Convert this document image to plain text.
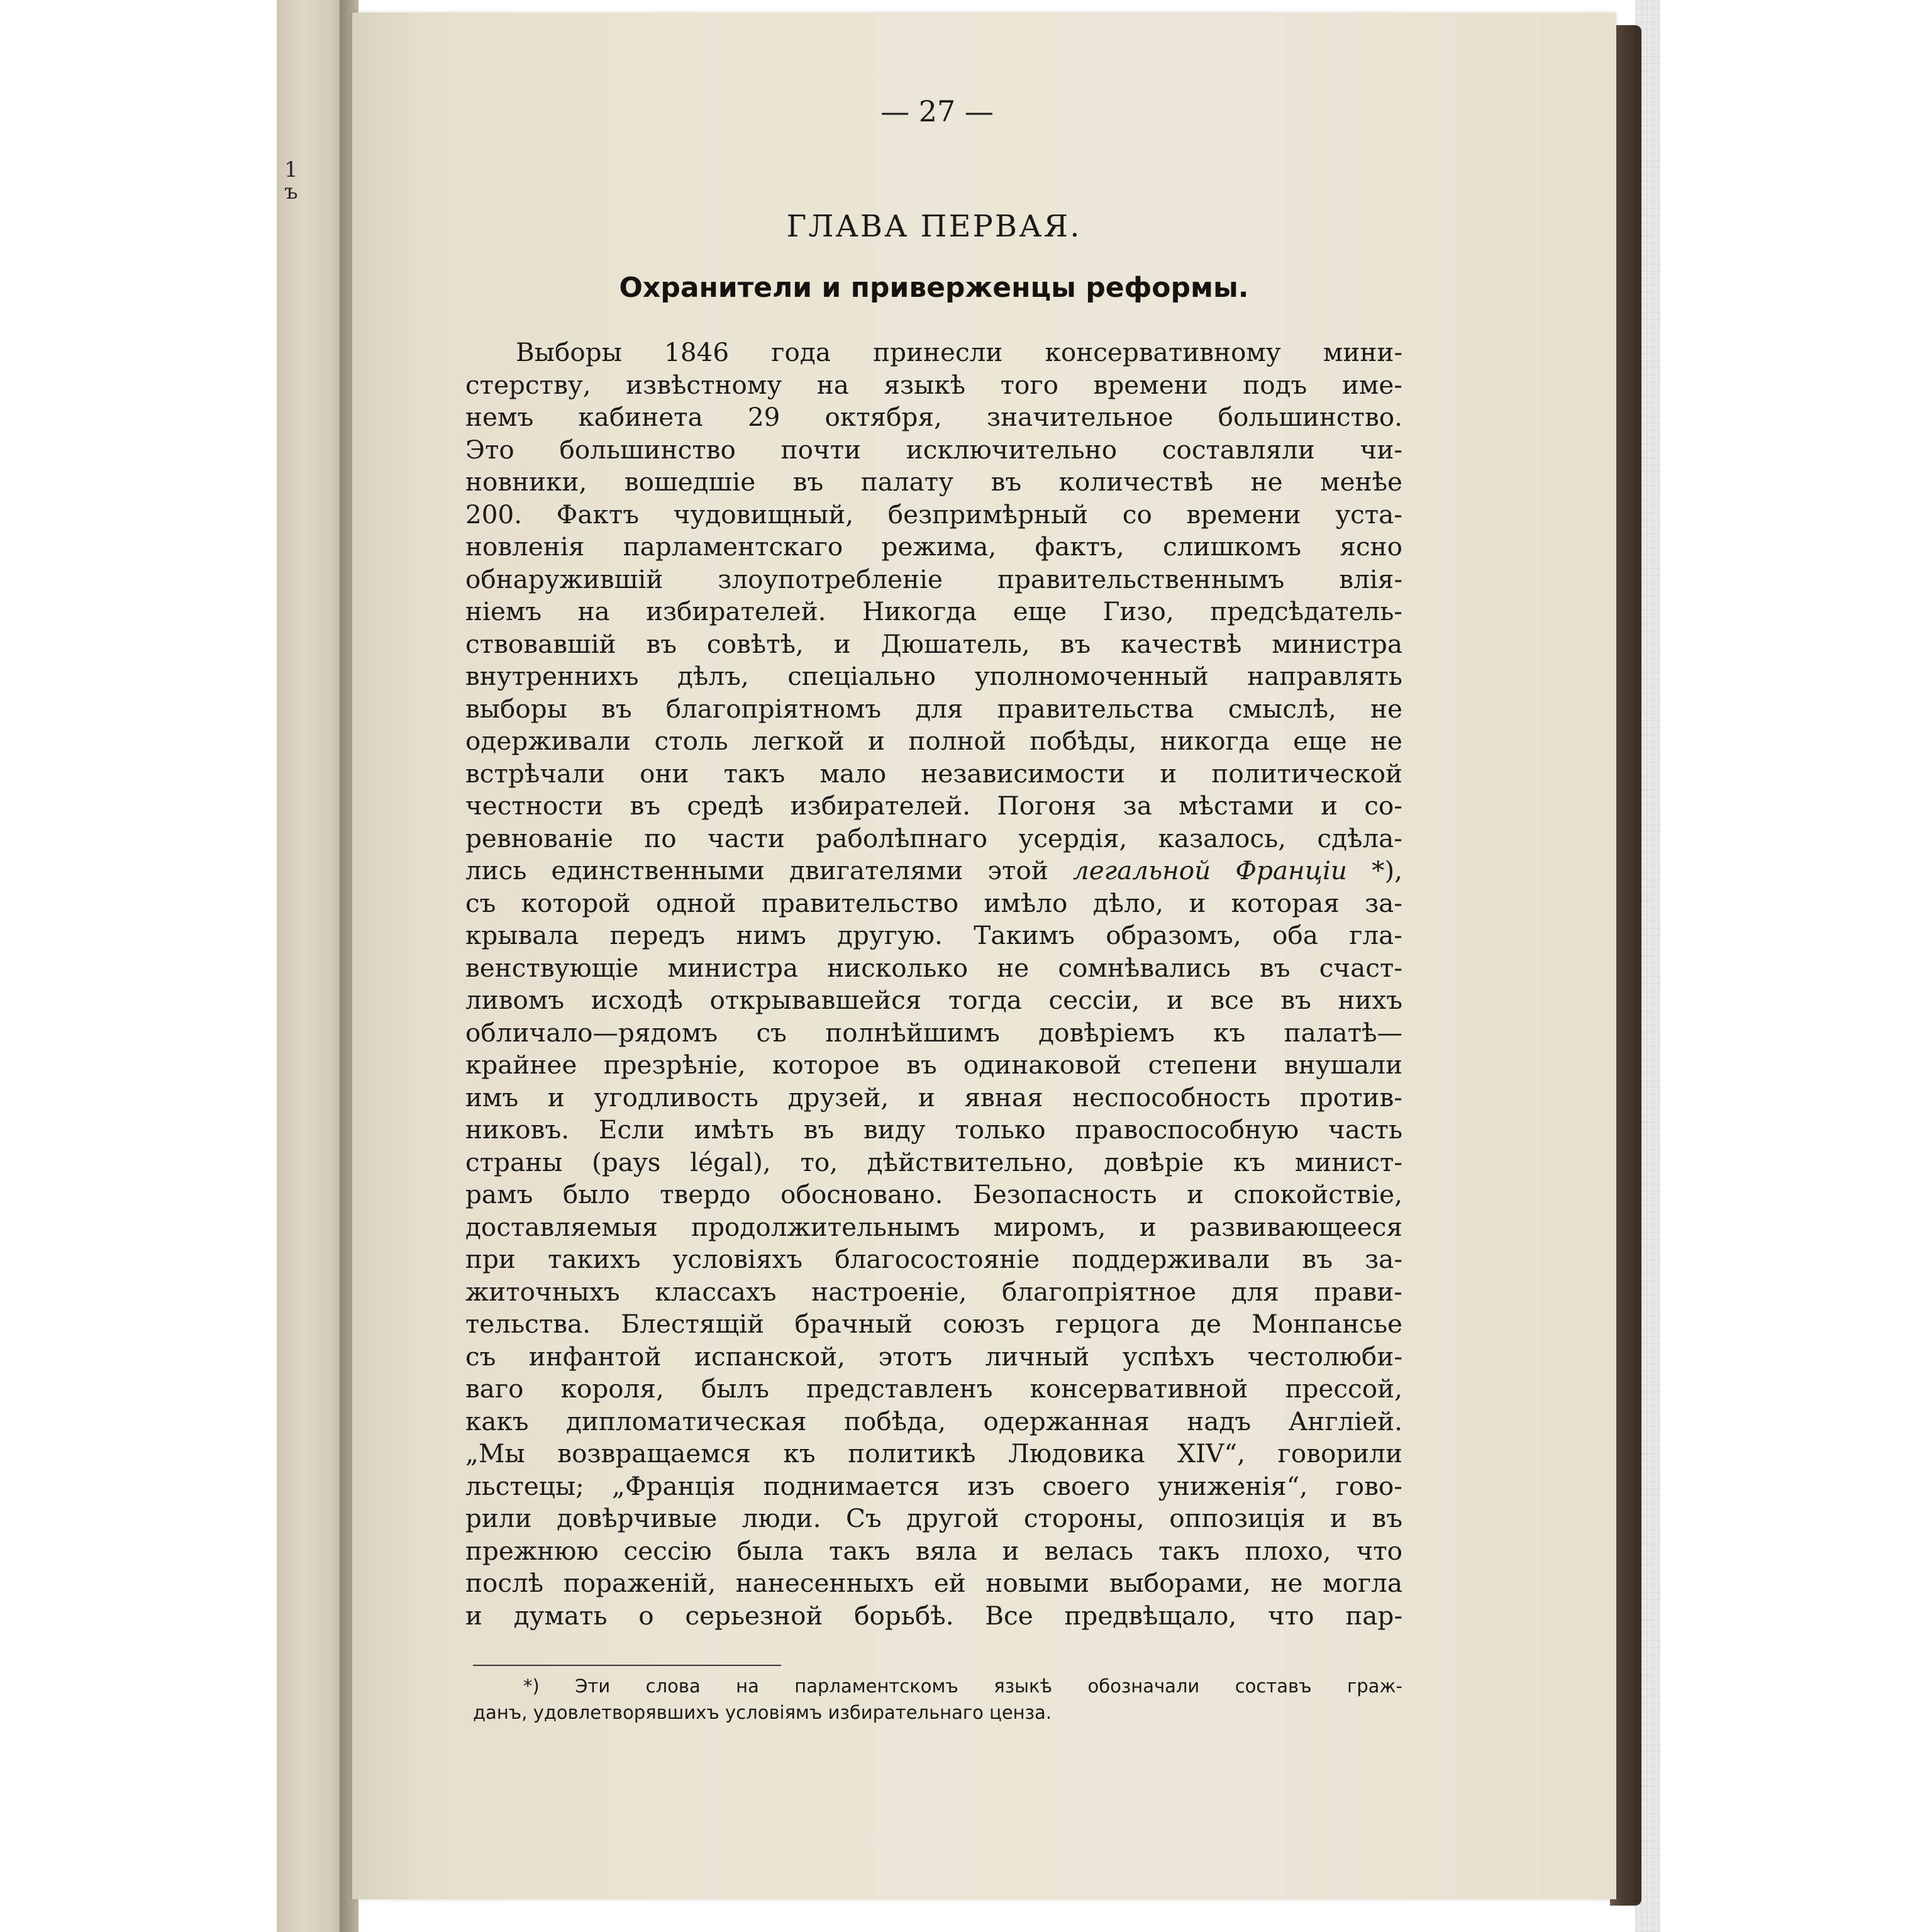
1
ъ
— 27 —
ГЛАВА ПЕРВАЯ.
Охранители и приверженцы реформы.
Выборы 1846 года принесли консервативному мини-
стерству, извѣстному на языкѣ того времени подъ име-
немъ кабинета 29 октября, значительное большинство.
Это большинство почти исключительно составляли чи-
новники, вошедшіе въ палату въ количествѣ не менѣе
200. Фактъ чудовищный, безпримѣрный со времени уста-
новленія парламентскаго режима, фактъ, слишкомъ ясно
обнаружившій злоупотребленіе правительственнымъ влія-
ніемъ на избирателей. Никогда еще Гизо, предсѣдатель-
ствовавшій въ совѣтѣ, и Дюшатель, въ качествѣ министра
внутреннихъ дѣлъ, спеціально уполномоченный направлять
выборы въ благопріятномъ для правительства смыслѣ, не
одерживали столь легкой и полной побѣды, никогда еще не
встрѣчали они такъ мало независимости и политической
честности въ средѣ избирателей. Погоня за мѣстами и со-
ревнованіе по части раболѣпнаго усердія, казалось, сдѣла-
лись единственными двигателями этой легальной Франціи *),
съ которой одной правительство имѣло дѣло, и которая за-
крывала передъ нимъ другую. Такимъ образомъ, оба гла-
венствующіе министра нисколько не сомнѣвались въ счаст-
ливомъ исходѣ открывавшейся тогда сессіи, и все въ нихъ
обличало—рядомъ съ полнѣйшимъ довѣріемъ къ палатѣ—
крайнее презрѣніе, которое въ одинаковой степени внушали
имъ и угодливость друзей, и явная неспособность против-
никовъ. Если имѣть въ виду только правоспособную часть
страны (pays légal), то, дѣйствительно, довѣріе къ минист-
рамъ было твердо обосновано. Безопасность и спокойствіе,
доставляемыя продолжительнымъ миромъ, и развивающееся
при такихъ условіяхъ благосостояніе поддерживали въ за-
житочныхъ классахъ настроеніе, благопріятное для прави-
тельства. Блестящій брачный союзъ герцога де Монпансье
съ инфантой испанской, этотъ личный успѣхъ честолюби-
ваго короля, былъ представленъ консервативной прессой,
какъ дипломатическая побѣда, одержанная надъ Англіей.
„Мы возвращаемся къ политикѣ Людовика XIV“, говорили
льстецы; „Франція поднимается изъ своего униженія“, гово-
рили довѣрчивые люди. Съ другой стороны, оппозиція и въ
прежнюю сессію была такъ вяла и велась такъ плохо, что
послѣ пораженій, нанесенныхъ ей новыми выборами, не могла
и думать о серьезной борьбѣ. Все предвѣщало, что пар-
*) Эти слова на парламентскомъ языкѣ обозначали составъ граж-
данъ, удовлетворявшихъ условіямъ избирательнаго ценза.
